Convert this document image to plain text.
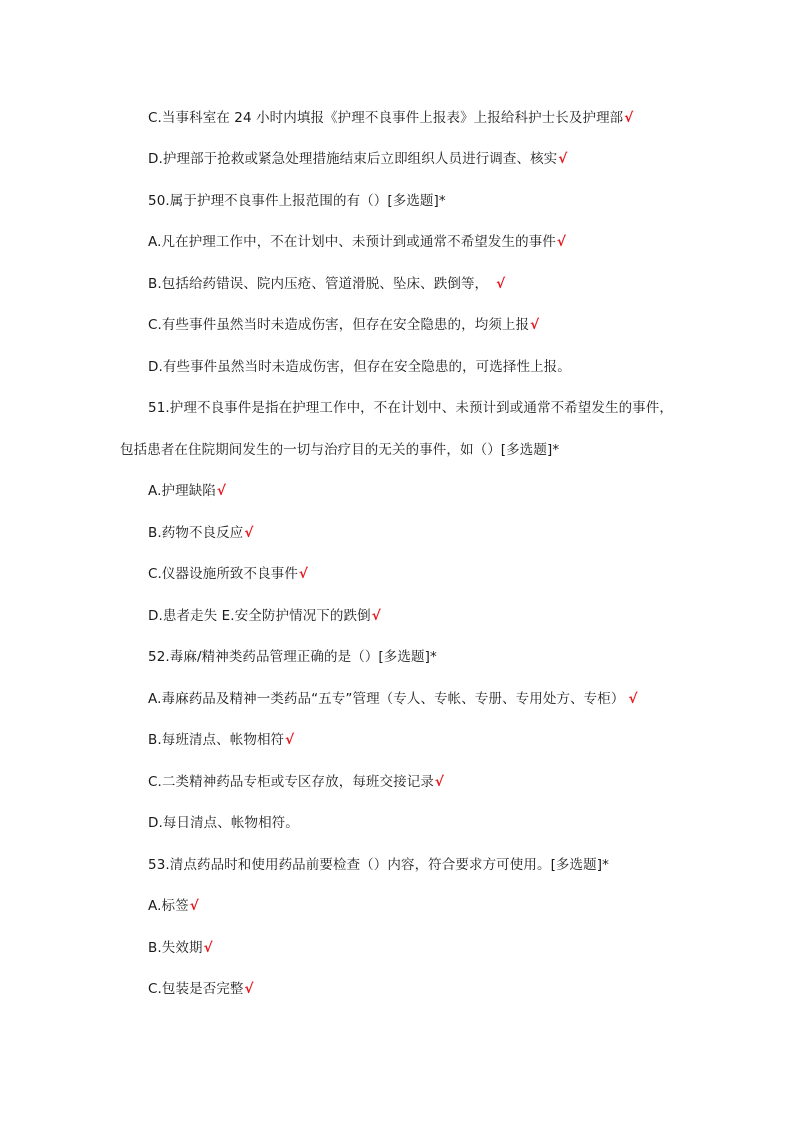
C.当事科室在 24 小时内填报《护理不良事件上报表》上报给科护士长及护理部√
D.护理部于抢救或紧急处理措施结束后立即组织人员进行调查、核实√
50.属于护理不良事件上报范围的有（）[多选题]*
A.凡在护理工作中，不在计划中、未预计到或通常不希望发生的事件√
B.包括给药错误、院内压疮、管道滑脱、坠床、跌倒等， √
C.有些事件虽然当时未造成伤害，但存在安全隐患的，均须上报√
D.有些事件虽然当时未造成伤害，但存在安全隐患的，可选择性上报。
51.护理不良事件是指在护理工作中，不在计划中、未预计到或通常不希望发生的事件，
包括患者在住院期间发生的一切与治疗目的无关的事件，如（）[多选题]*
A.护理缺陷√
B.药物不良反应√
C.仪器设施所致不良事件√
D.患者走失 E.安全防护情况下的跌倒√
52.毒麻/精神类药品管理正确的是（）[多选题]*
A.毒麻药品及精神一类药品“五专”管理（专人、专帐、专册、专用处方、专柜） √
B.每班清点、帐物相符√
C.二类精神药品专柜或专区存放，每班交接记录√
D.每日清点、帐物相符。
53.清点药品时和使用药品前要检查（）内容，符合要求方可使用。[多选题]*
A.标签√
B.失效期√
C.包装是否完整√
